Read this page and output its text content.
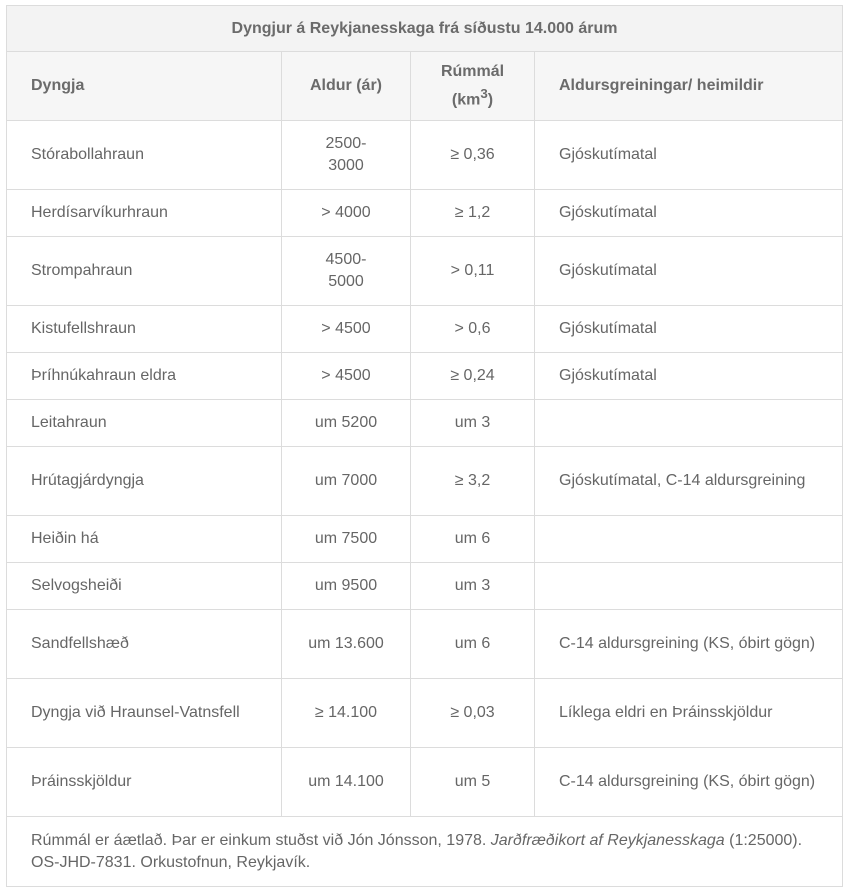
Dyngjur á Reykjanesskaga frá síðustu 14.000 árum			
Dyngja	Aldur (ár)	Rúmmál $(km^3)$	Aldursgreiningar/ heimildir
Stórabollahraun	2500-3000	≥ 0,36	Gjóskutímatal
Herdísarvíkurhraun	> 4000	≥ 1,2	Gjóskutímatal
Strompahraun	4500-5000	> 0,11	Gjóskutímatal
Kistufellshraun	> 4500	> 0,6	Gjóskutímatal
Þríhnúkahraun eldra	> 4500	≥ 0,24	Gjóskutímatal
Leitahraun	um 5200	um 3	
Hrútagjárdyngja	um 7000	≥ 3,2	Gjóskutímatal, C-14 aldursgreining
Heiðin há	um 7500	um 6	
Selvogsheiði	um 9500	um 3	
Sandfellshæð	um 13.600	um 6	C-14 aldursgreining (KS, óbirt gögn)
Dyngja við Hraunsel-Vatnsfell	≥ 14.100	≥ 0,03	Líklega eldri en Þráinsskjöldur
Þráinsskjöldur	um 14.100	um 5	C-14 aldursgreining (KS, óbirt gögn)
Rúmmál er áætlað. Þar er einkum stuðst við Jón Jónsson, 1978. Jarðfræðikort af Reykjanesskaga (1:25000). OS-JHD-7831. Orkustofnun, Reykjavík.			
